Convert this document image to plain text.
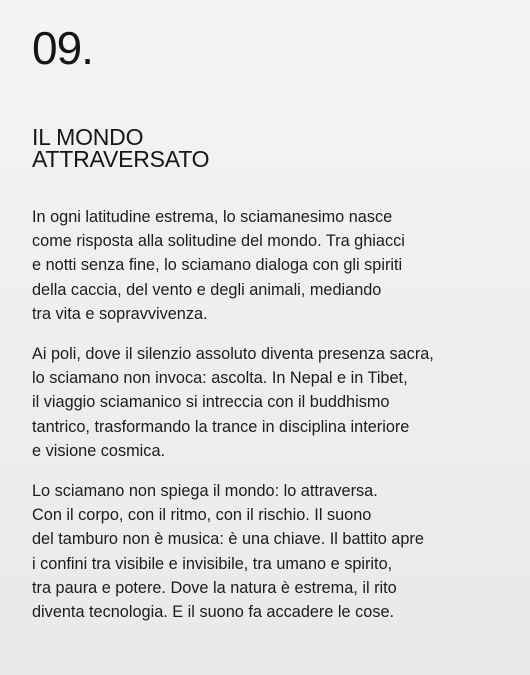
09.
IL MONDO
ATTRAVERSATO

In ogni latitudine estrema, lo sciamanesimo nasce
come risposta alla solitudine del mondo. Tra ghiacci
e notti senza fine, lo sciamano dialoga con gli spiriti
della caccia, del vento e degli animali, mediando
tra vita e sopravvivenza.

Ai poli, dove il silenzio assoluto diventa presenza sacra,
lo sciamano non invoca: ascolta. In Nepal e in Tibet,
il viaggio sciamanico si intreccia con il buddhismo
tantrico, trasformando la trance in disciplina interiore
e visione cosmica.

Lo sciamano non spiega il mondo: lo attraversa.
Con il corpo, con il ritmo, con il rischio. Il suono
del tamburo non è musica: è una chiave. Il battito apre
i confini tra visibile e invisibile, tra umano e spirito,
tra paura e potere. Dove la natura è estrema, il rito
diventa tecnologia. E il suono fa accadere le cose.
